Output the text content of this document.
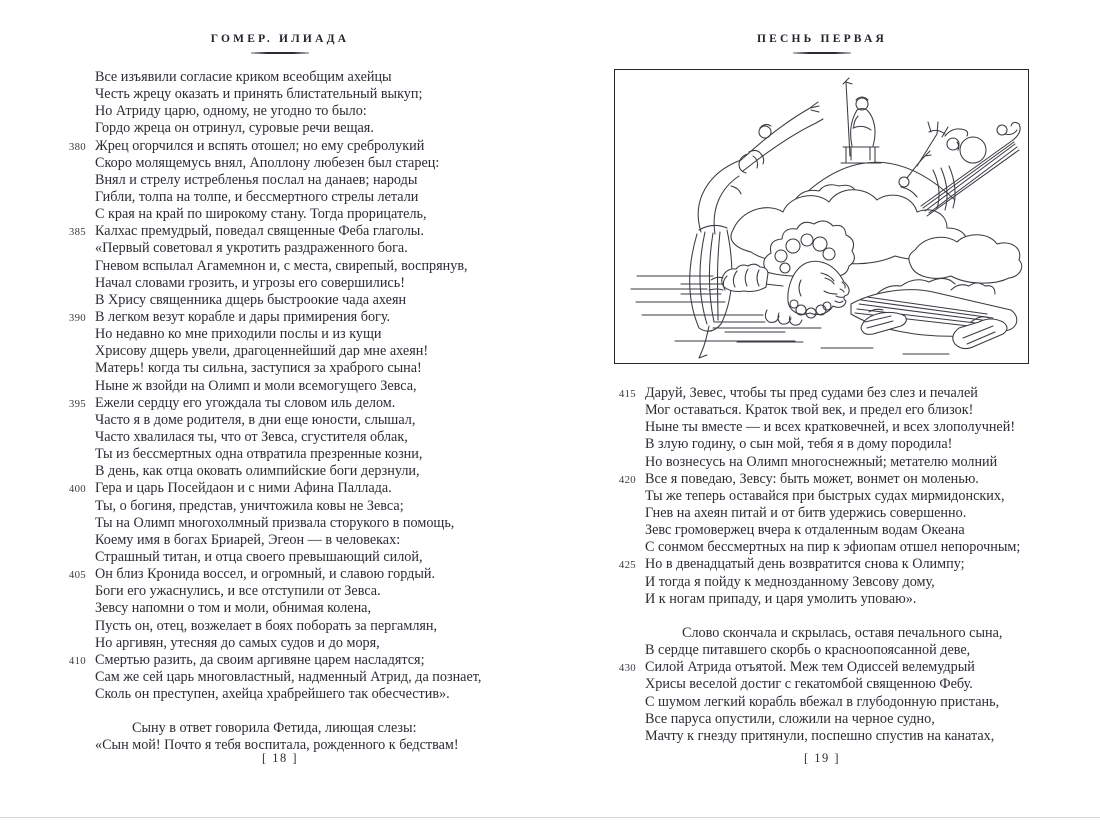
ГОМЕР. ИЛИАДА	ПЕСНЬ ПЕРВАЯ
Все изъявили согласие криком всеобщим ахейцы
Честь жрецу оказать и принять блистательный выкуп;
Но Атриду царю, одному, не угодно то было:
Гордо жреца он отринул, суровые речи вещая.
380 Жрец огорчился и вспять отошел; но ему сребролукий
Скоро молящемусь внял, Аполлону любезен был старец:
Внял и стрелу истребленья послал на данаев; народы
Гибли, толпа на толпе, и бессмертного стрелы летали
С края на край по широкому стану. Тогда прорицатель,
385 Калхас премудрый, поведал священные Феба глаголы.
«Первый советовал я укротить раздраженного бога.
Гневом вспылал Агамемнон и, с места, свирепый, воспрянув,
Начал словами грозить, и угрозы его совершились!
В Хрису священника дщерь быстроокие чада ахеян
390 В легком везут корабле и дары примирения богу.
Но недавно ко мне приходили послы и из кущи
Хрисову дщерь увели, драгоценнейший дар мне ахеян!
Матерь! когда ты сильна, заступися за храброго сына!
Ныне ж взойди на Олимп и моли всемогущего Зевса,
395 Ежели сердцу его угождала ты словом иль делом.
Часто я в доме родителя, в дни еще юности, слышал,
Часто хвалилася ты, что от Зевса, сгустителя облак,
Ты из бессмертных одна отвратила презренные козни,
В день, как отца оковать олимпийские боги дерзнули,
400 Гера и царь Посейдаон и с ними Афина Паллада.
Ты, о богиня, представ, уничтожила ковы не Зевса;
Ты на Олимп многохолмный призвала сторукого в помощь,
Коему имя в богах Бриарей, Эгеон — в человеках:
Страшный титан, и отца своего превышающий силой,
405 Он близ Кронида воссел, и огромный, и славою гордый.
Боги его ужаснулись, и все отступили от Зевса.
Зевсу напомни о том и моли, обнимая колена,
Пусть он, отец, возжелает в боях поборать за пергамлян,
Но аргивян, утесняя до самых судов и до моря,
410 Смертью разить, да своим аргивяне царем насладятся;
Сам же сей царь многовластный, надменный Атрид, да познает,
Сколь он преступен, ахейца храбрейшего так обесчестив».
Сыну в ответ говорила Фетида, лиющая слезы:
«Сын мой! Почто я тебя воспитала, рожденного к бедствам!
415 Даруй, Зевес, чтобы ты пред судами без слез и печалей
Мог оставаться. Краток твой век, и предел его близок!
Ныне ты вместе — и всех кратковечней, и всех злополучней!
В злую годину, о сын мой, тебя я в дому породила!
Но вознесусь на Олимп многоснежный; метателю молний
420 Все я поведаю, Зевсу: быть может, вонмет он моленью.
Ты же теперь оставайся при быстрых судах мирмидонских,
Гнев на ахеян питай и от битв удержись совершенно.
Зевс громовержец вчера к отдаленным водам Океана
С сонмом бессмертных на пир к эфиопам отшел непорочным;
425 Но в двенадцатый день возвратится снова к Олимпу;
И тогда я пойду к меднозданному Зевсову дому,
И к ногам припаду, и царя умолить уповаю».
Слово скончала и скрылась, оставя печального сына,
В сердце питавшего скорбь о красноопоясанной деве,
430 Силой Атрида отъятой. Меж тем Одиссей велемудрый
Хрисы веселой достиг с гекатомбой священною Фебу.
С шумом легкий корабль вбежал в глубодонную пристань,
Все паруса опустили, сложили на черное судно,
Мачту к гнезду притянули, поспешно спустив на канатах,
[ 18 ]	[ 19 ]
